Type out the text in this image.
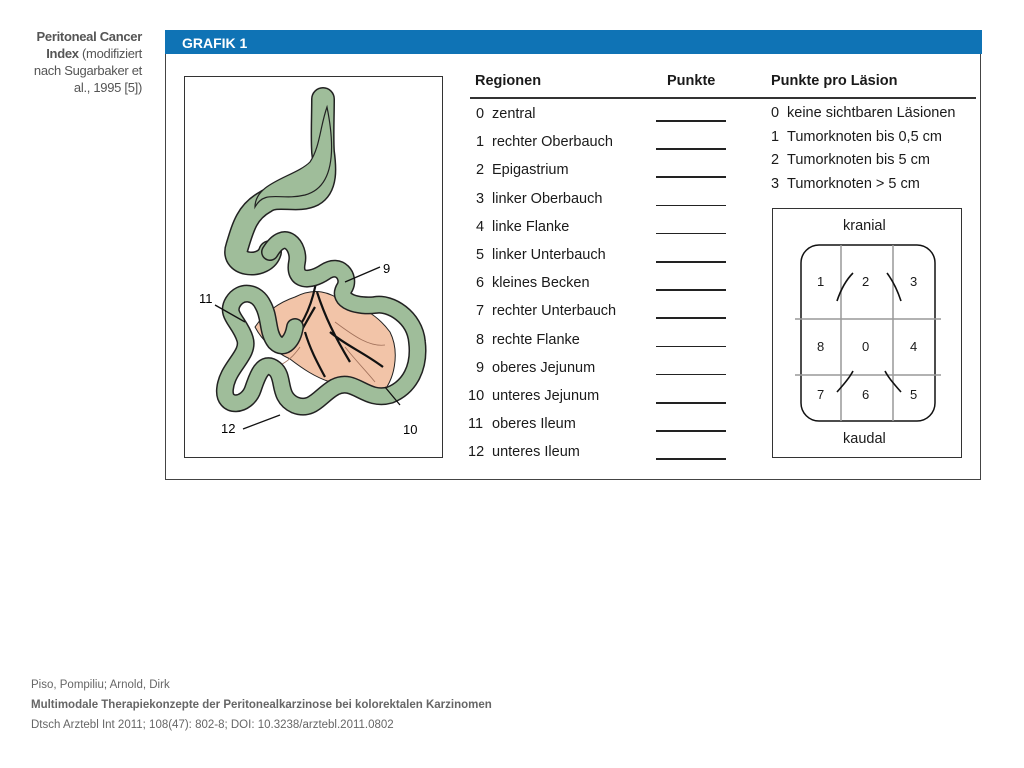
Peritoneal Cancer Index (modifiziert nach Sugarbaker et al., 1995 [5])
GRAFIK 1
9
11
10
12
Regionen	Punkte	Punkte pro Läsion
0 zentral
1 rechter Oberbauch
2 Epigastrium
3 linker Oberbauch
4 linke Flanke
5 linker Unterbauch
6 kleines Becken
7 rechter Unterbauch
8 rechte Flanke
9 oberes Jejunum
10 unteres Jejunum
11 oberes Ileum
12 unteres Ileum
0 keine sichtbaren Läsionen
1 Tumorknoten bis 0,5 cm
2 Tumorknoten bis 5 cm
3 Tumorknoten > 5 cm
kranial
kaudal
1	2	3
8	0	4
7	6	5
Piso, Pompiliu; Arnold, Dirk
Multimodale Therapiekonzepte der Peritonealkarzinose bei kolorektalen Karzinomen
Dtsch Arztebl Int 2011; 108(47): 802-8; DOI: 10.3238/arztebl.2011.0802
